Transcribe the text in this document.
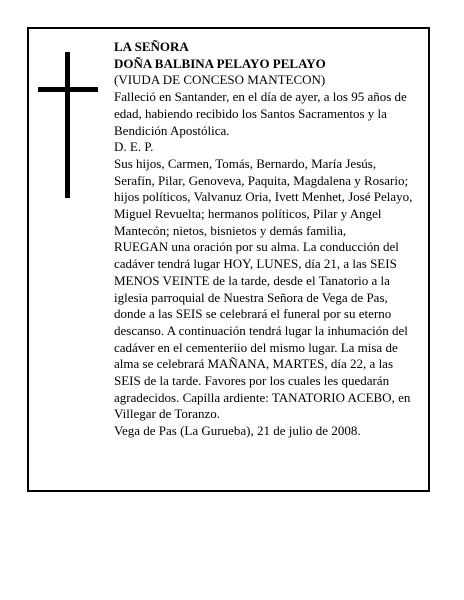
LA SEÑORA

DOÑA BALBINA PELAYO PELAYO

(VIUDA DE CONCESO MANTECON)

Falleció en Santander, en el día de ayer, a los 95 años de edad, habiendo recibido los Santos Sacramentos y la Bendición Apostólica.

D. E. P.

Sus hijos, Carmen, Tomás, Bernardo, María Jesús, Serafín, Pilar, Genoveva, Paquita, Magdalena y Rosario; hijos políticos, Valvanuz Oria, Ivett Menhet, José Pelayo, Miguel Revuelta; hermanos políticos, Pilar y Angel Mantecón; nietos, bisnietos y demás familia,

RUEGAN una oración por su alma. La conducción del cadáver tendrá lugar HOY, LUNES, día 21, a las SEIS MENOS VEINTE de la tarde, desde el Tanatorio a la iglesia parroquial de Nuestra Señora de Vega de Pas, donde a las SEIS se celebrará el funeral por su eterno descanso. A continuación tendrá lugar la inhumación del cadáver en el cementeriio del mismo lugar. La misa de alma se celebrará MAÑANA, MARTES, día 22, a las SEIS de la tarde. Favores por los cuales les quedarán agradecidos. Capilla ardiente: TANATORIO ACEBO, en Villegar de Toranzo.

Vega de Pas (La Gurueba), 21 de julio de 2008.
